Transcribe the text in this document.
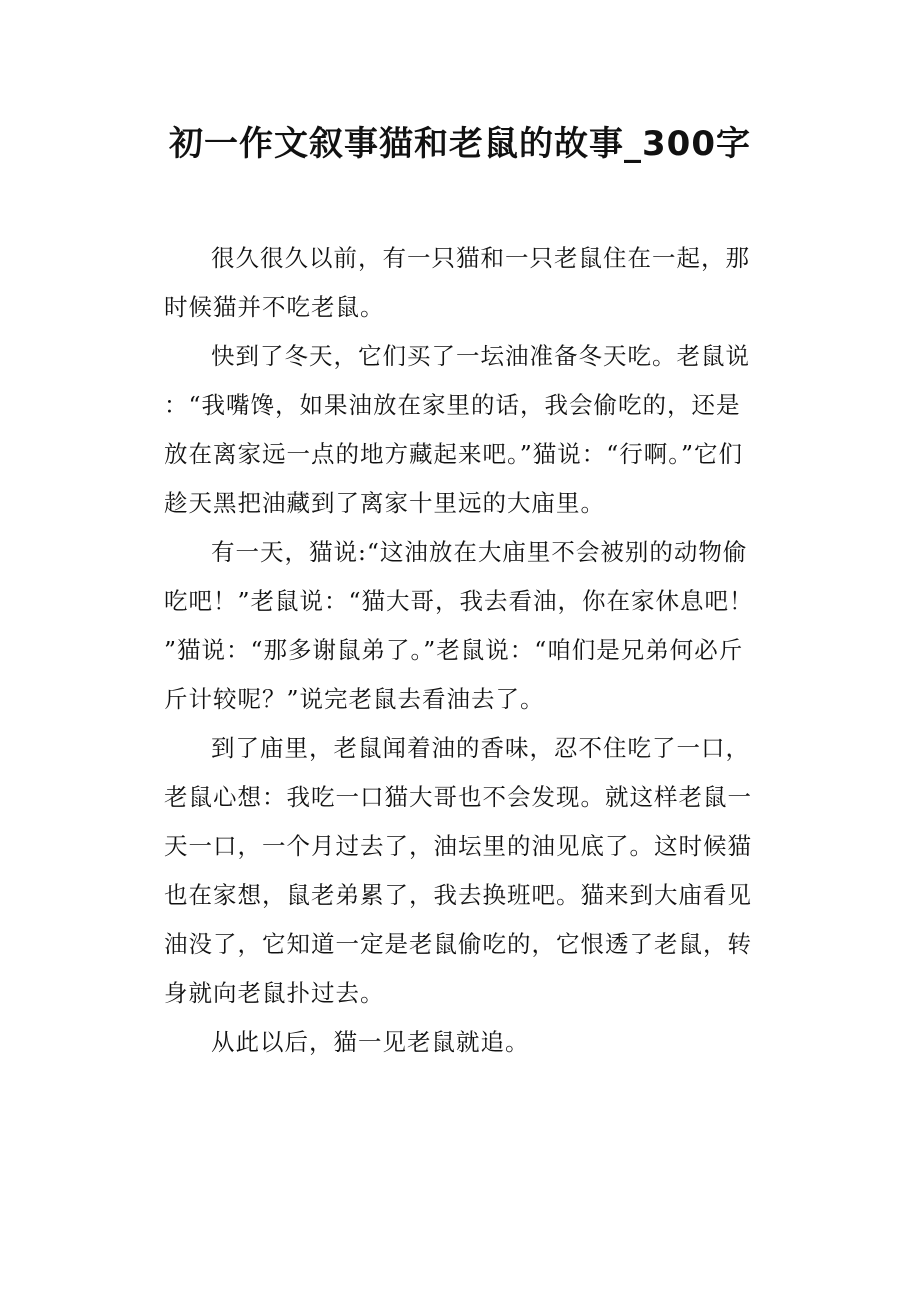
初一作文叙事猫和老鼠的故事_300字

很久很久以前，有一只猫和一只老鼠住在一起，那时候猫并不吃老鼠。

快到了冬天，它们买了一坛油准备冬天吃。老鼠说：“我嘴馋，如果油放在家里的话，我会偷吃的，还是放在离家远一点的地方藏起来吧。”猫说：“行啊。”它们趁天黑把油藏到了离家十里远的大庙里。

有一天，猫说:“这油放在大庙里不会被别的动物偷吃吧！”老鼠说：“猫大哥，我去看油，你在家休息吧！”猫说：“那多谢鼠弟了。”老鼠说：“咱们是兄弟何必斤斤计较呢？”说完老鼠去看油去了。

到了庙里，老鼠闻着油的香味，忍不住吃了一口，老鼠心想：我吃一口猫大哥也不会发现。就这样老鼠一天一口，一个月过去了，油坛里的油见底了。这时候猫也在家想，鼠老弟累了，我去换班吧。猫来到大庙看见油没了，它知道一定是老鼠偷吃的，它恨透了老鼠，转身就向老鼠扑过去。

从此以后，猫一见老鼠就追。
